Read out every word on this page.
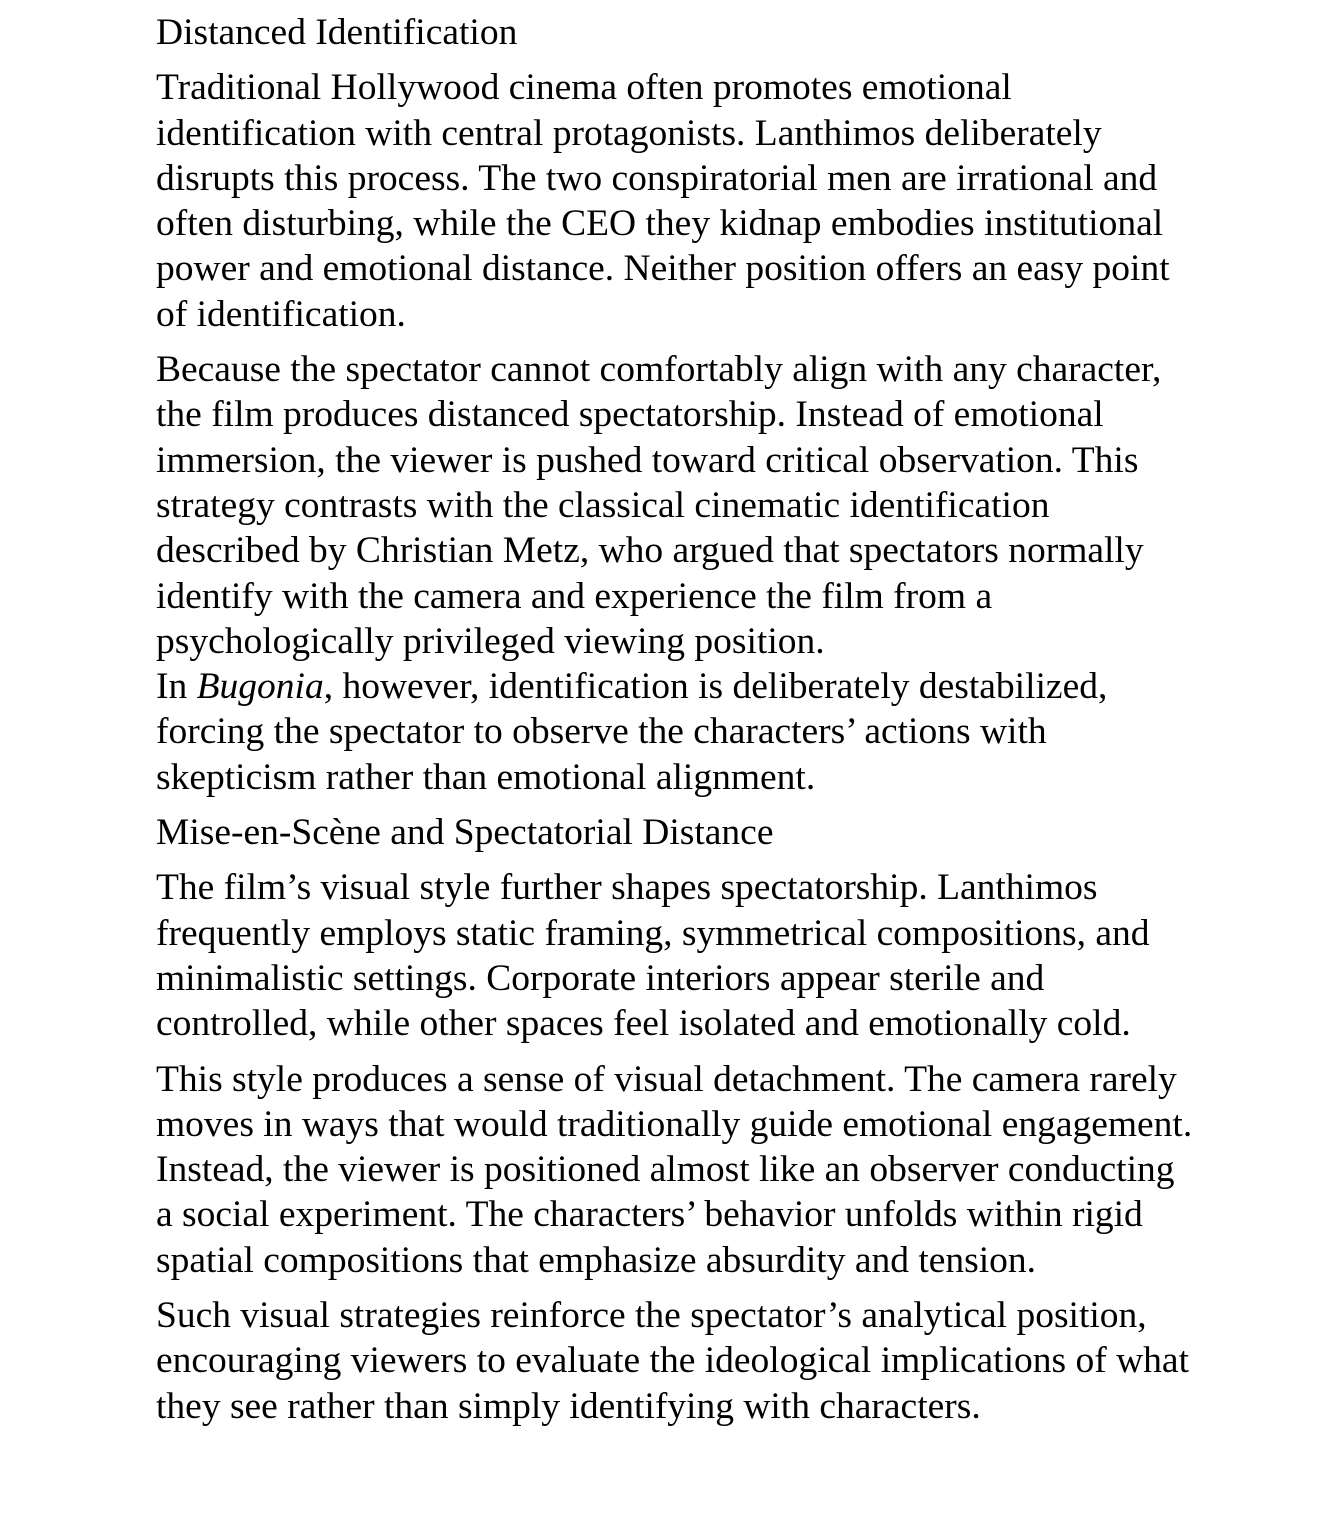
Distanced Identification

Traditional Hollywood cinema often promotes emotional identification with central protagonists. Lanthimos deliberately disrupts this process. The two conspiratorial men are irrational and often disturbing, while the CEO they kidnap embodies institutional power and emotional distance. Neither position offers an easy point of identification.

Because the spectator cannot comfortably align with any character, the film produces distanced spectatorship. Instead of emotional immersion, the viewer is pushed toward critical observation. This strategy contrasts with the classical cinematic identification described by Christian Metz, who argued that spectators normally identify with the camera and experience the film from a psychologically privileged viewing position.

In Bugonia, however, identification is deliberately destabilized, forcing the spectator to observe the characters’ actions with skepticism rather than emotional alignment.

Mise-en-Scène and Spectatorial Distance

The film’s visual style further shapes spectatorship. Lanthimos frequently employs static framing, symmetrical compositions, and minimalistic settings. Corporate interiors appear sterile and controlled, while other spaces feel isolated and emotionally cold.

This style produces a sense of visual detachment. The camera rarely moves in ways that would traditionally guide emotional engagement. Instead, the viewer is positioned almost like an observer conducting a social experiment. The characters’ behavior unfolds within rigid spatial compositions that emphasize absurdity and tension.

Such visual strategies reinforce the spectator’s analytical position, encouraging viewers to evaluate the ideological implications of what they see rather than simply identifying with characters.
